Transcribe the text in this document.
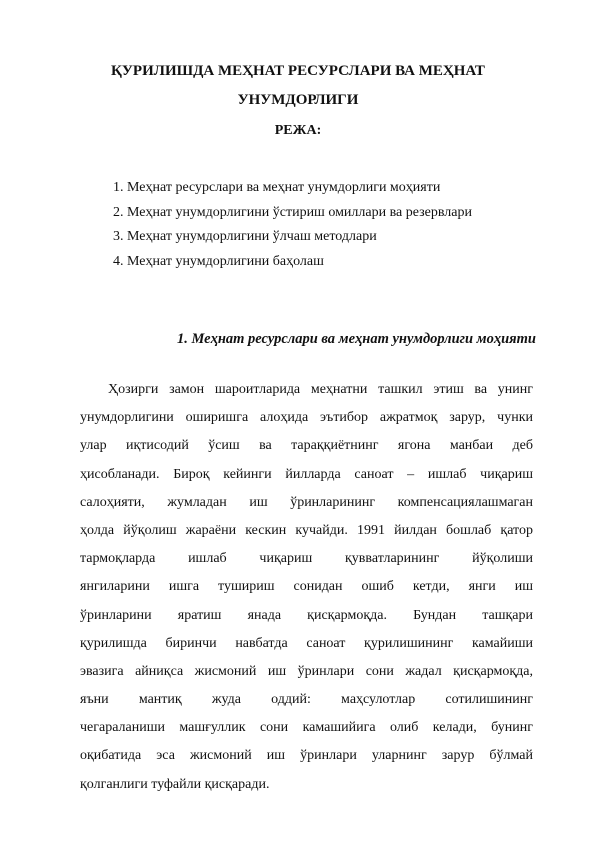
ҚУРИЛИШДА МЕҲНАТ РЕСУРСЛАРИ ВА МЕҲНАТ
УНУМДОРЛИГИ
РЕЖА:
1. Меҳнат ресурслари ва меҳнат унумдорлиги моҳияти
2. Меҳнат унумдорлигини ўстириш омиллари ва резервлари
3. Меҳнат унумдорлигини ўлчаш методлари
4. Меҳнат унумдорлигини баҳолаш
1. Меҳнат ресурслари ва меҳнат унумдорлиги моҳияти

Ҳозирги замон шароитларида меҳнатни ташкил этиш ва унинг
унумдорлигини оширишга алоҳида эътибор ажратмоқ зарур, чунки
улар иқтисодий ўсиш ва тараққиётнинг ягона манбаи деб
ҳисобланади. Бироқ кейинги йилларда саноат – ишлаб чиқариш
салоҳияти, жумладан иш ўринларининг компенсациялашмаган
ҳолда йўқолиш жараёни кескин кучайди. 1991 йилдан бошлаб қатор
тармоқларда ишлаб чиқариш қувватларининг йўқолиши
янгиларини ишга тушириш сонидан ошиб кетди, янги иш
ўринларини яратиш янада қисқармоқда. Бундан ташқари
қурилишда биринчи навбатда саноат қурилишининг камайиши
эвазига айниқса жисмоний иш ўринлари сони жадал қисқармоқда,
яъни мантиқ жуда оддий: маҳсулотлар сотилишининг
чегараланиши машғуллик сони камашийига олиб келади, бунинг
оқибатида эса жисмоний иш ўринлари уларнинг зарур бўлмай
қолганлиги туфайли қисқаради.
